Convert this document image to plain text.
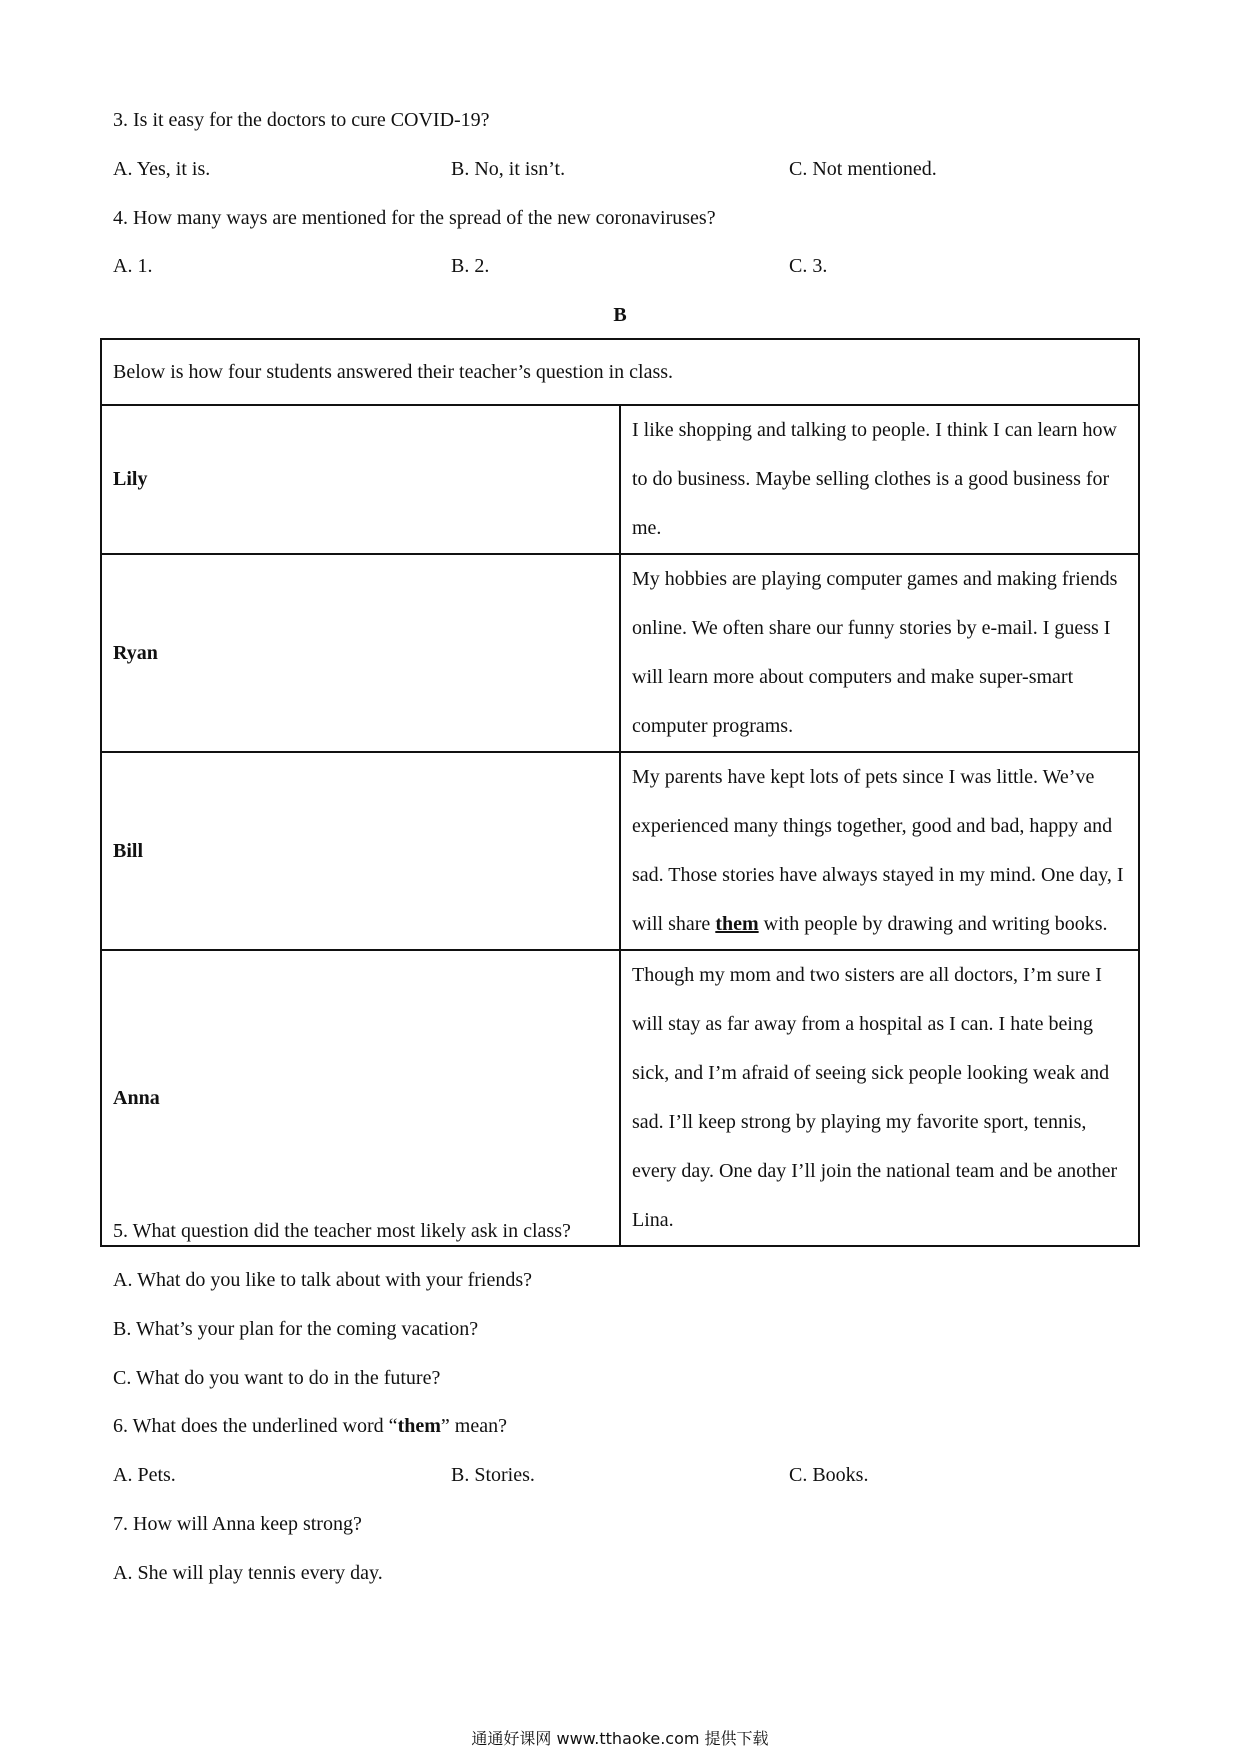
3. Is it easy for the doctors to cure COVID-19?
A. Yes, it is.	B. No, it isn’t.	C. Not mentioned.
4. How many ways are mentioned for the spread of the new coronaviruses?
A. 1.	B. 2.	C. 3.
B
Below is how four students answered their teacher’s question in class.	
Lily	I like shopping and talking to people. I think I can learn how to do business. Maybe selling clothes is a good business for me.
Ryan	My hobbies are playing computer games and making friends online. We often share our funny stories by e-mail. I guess I will learn more about computers and make super-smart computer programs.
Bill	My parents have kept lots of pets since I was little. We’ve experienced many things together, good and bad, happy and sad. Those stories have always stayed in my mind. One day, I will share them with people by drawing and writing books.
Anna	Though my mom and two sisters are all doctors, I’m sure I will stay as far away from a hospital as I can. I hate being sick, and I’m afraid of seeing sick people looking weak and sad. I’ll keep strong by playing my favorite sport, tennis, every day. One day I’ll join the national team and be another Lina.
5. What question did the teacher most likely ask in class?
A. What do you like to talk about with your friends?
B. What’s your plan for the coming vacation?
C. What do you want to do in the future?
6. What does the underlined word “them” mean?
A. Pets.	B. Stories.	C. Books.
7. How will Anna keep strong?
A. She will play tennis every day.
通通好课网 www.tthaoke.com 提供下载
